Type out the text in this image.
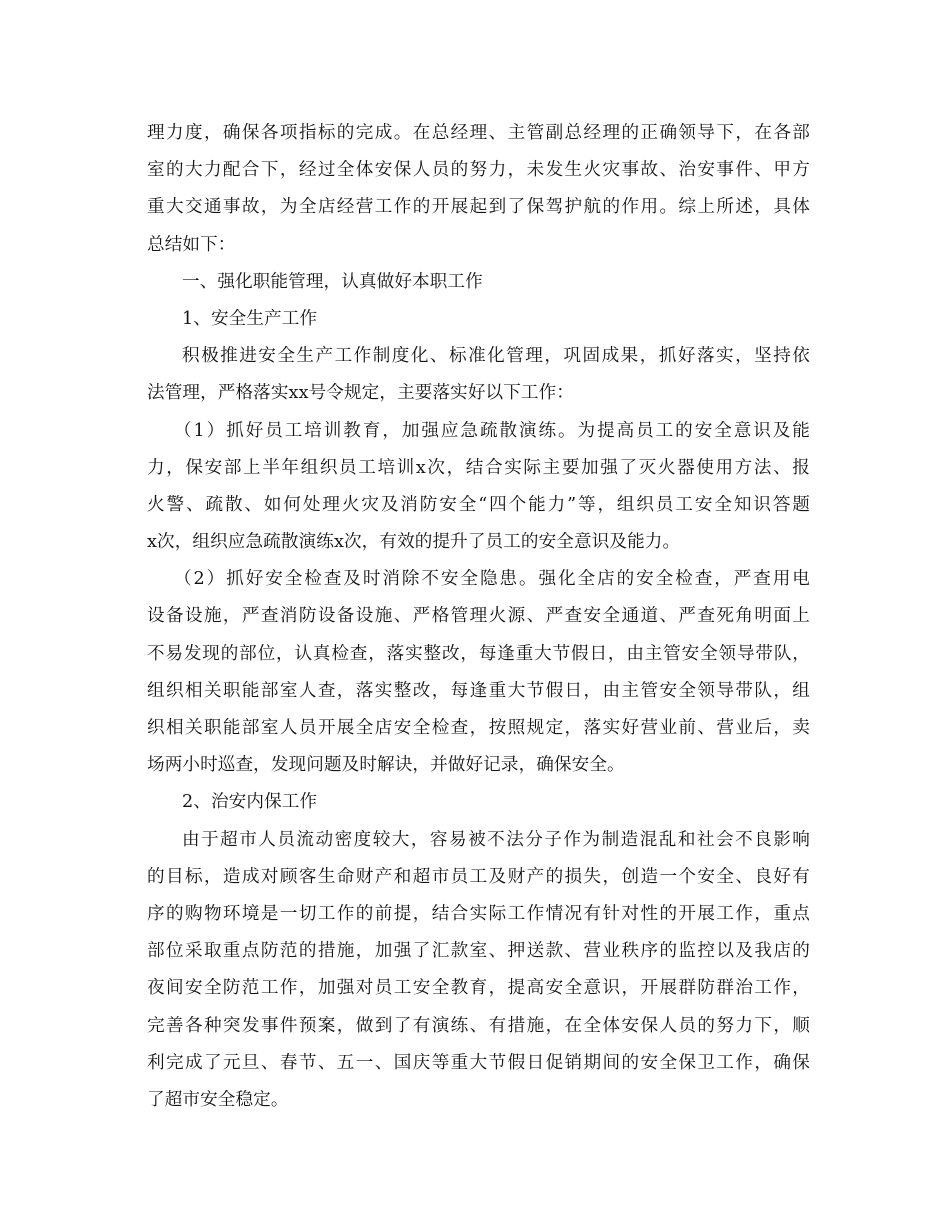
理力度，确保各项指标的完成。在总经理、主管副总经理的正确领导下，在各部
室的大力配合下，经过全体安保人员的努力，未发生火灾事故、治安事件、甲方
重大交通事故，为全店经营工作的开展起到了保驾护航的作用。综上所述，具体
总结如下：
一、强化职能管理，认真做好本职工作
1、安全生产工作
积极推进安全生产工作制度化、标准化管理，巩固成果，抓好落实，坚持依
法管理，严格落实xx号令规定，主要落实好以下工作：
（1）抓好员工培训教育，加强应急疏散演练。为提高员工的安全意识及能
力，保安部上半年组织员工培训x次，结合实际主要加强了灭火器使用方法、报
火警、疏散、如何处理火灾及消防安全“四个能力”等，组织员工安全知识答题
x次，组织应急疏散演练x次，有效的提升了员工的安全意识及能力。
（2）抓好安全检查及时消除不安全隐患。强化全店的安全检查，严查用电
设备设施，严查消防设备设施、严格管理火源、严查安全通道、严查死角明面上
不易发现的部位，认真检查，落实整改，每逢重大节假日，由主管安全领导带队，
组织相关职能部室人查，落实整改，每逢重大节假日，由主管安全领导带队，组
织相关职能部室人员开展全店安全检查，按照规定，落实好营业前、营业后，卖
场两小时巡查，发现问题及时解诀，并做好记录，确保安全。
2、治安内保工作
由于超市人员流动密度较大，容易被不法分子作为制造混乱和社会不良影响
的目标，造成对顾客生命财产和超市员工及财产的损失，创造一个安全、良好有
序的购物环境是一切工作的前提，结合实际工作情况有针对性的开展工作，重点
部位采取重点防范的措施，加强了汇款室、押送款、营业秩序的监控以及我店的
夜间安全防范工作，加强对员工安全教育，提高安全意识，开展群防群治工作，
完善各种突发事件预案，做到了有演练、有措施，在全体安保人员的努力下，顺
利完成了元旦、春节、五一、国庆等重大节假日促销期间的安全保卫工作，确保
了超市安全稳定。
